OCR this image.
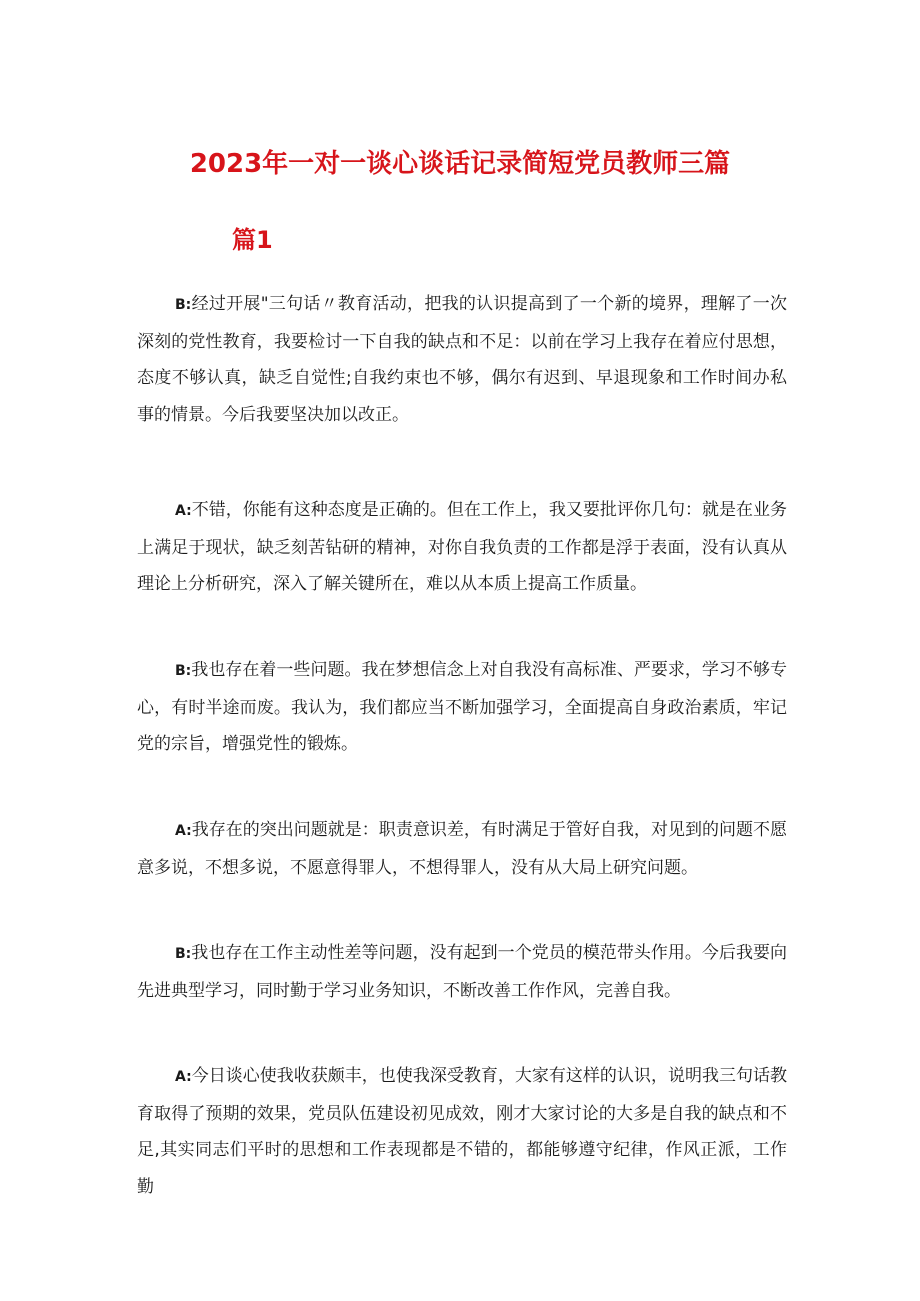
2023年一对一谈心谈话记录简短党员教师三篇
篇1

B:经过开展"三句话〃教育活动，把我的认识提高到了一个新的境界，理解了一次深刻的党性教育，我要检讨一下自我的缺点和不足：以前在学习上我存在着应付思想，态度不够认真，缺乏自觉性;自我约束也不够，偶尔有迟到、早退现象和工作时间办私事的情景。今后我要坚决加以改正。

A:不错，你能有这种态度是正确的。但在工作上，我又要批评你几句：就是在业务上满足于现状，缺乏刻苦钻研的精神，对你自我负责的工作都是浮于表面，没有认真从理论上分析研究，深入了解关键所在，难以从本质上提高工作质量。

B:我也存在着一些问题。我在梦想信念上对自我没有高标准、严要求，学习不够专心，有时半途而废。我认为，我们都应当不断加强学习，全面提高自身政治素质，牢记党的宗旨，增强党性的锻炼。

A:我存在的突出问题就是：职责意识差，有时满足于管好自我，对见到的问题不愿意多说，不想多说，不愿意得罪人，不想得罪人，没有从大局上研究问题。

B:我也存在工作主动性差等问题，没有起到一个党员的模范带头作用。今后我要向先进典型学习，同时勤于学习业务知识，不断改善工作作风，完善自我。

A:今日谈心使我收获颇丰，也使我深受教育，大家有这样的认识，说明我三句话教育取得了预期的效果，党员队伍建设初见成效，刚才大家讨论的大多是自我的缺点和不足,其实同志们平时的思想和工作表现都是不错的，都能够遵守纪律，作风正派，工作勤
